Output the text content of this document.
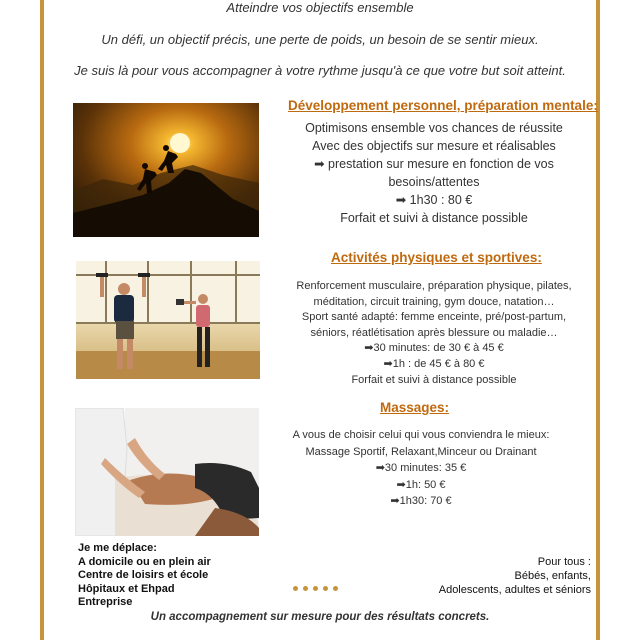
Atteindre vos objectifs ensemble
Un défi, un objectif précis, une perte de poids, un besoin de se sentir mieux.
Je suis là pour vous accompagner à votre rythme jusqu'à ce que votre but soit atteint.
Développement personnel, préparation mentale:
Optimisons ensemble vos chances de réussite
Avec des objectifs sur mesure et réalisables
➡ prestation sur mesure en fonction de vos
besoins/attentes
➡ 1h30 : 80 €
Forfait et suivi à distance possible
Activités physiques et sportives:
Renforcement musculaire, préparation physique, pilates,
méditation, circuit training, gym douce, natation…
Sport santé adapté: femme enceinte, pré/post-partum,
séniors, réatlétisation après blessure ou maladie…
➡30 minutes: de 30 € à 45 €
➡1h : de 45 € à 80 €
Forfait et suivi à distance possible
Massages:
A vous de choisir celui qui vous conviendra le mieux:
Massage Sportif, Relaxant,Minceur ou Drainant
➡30 minutes: 35 €
➡1h: 50 €
➡1h30: 70 €
Je me déplace:
A domicile ou en plein air
Centre de loisirs et école
Hôpitaux et Ehpad
Entreprise
Pour tous :
Bébés, enfants,
Adolescents, adultes et séniors
Un accompagnement sur mesure pour des résultats concrets.
